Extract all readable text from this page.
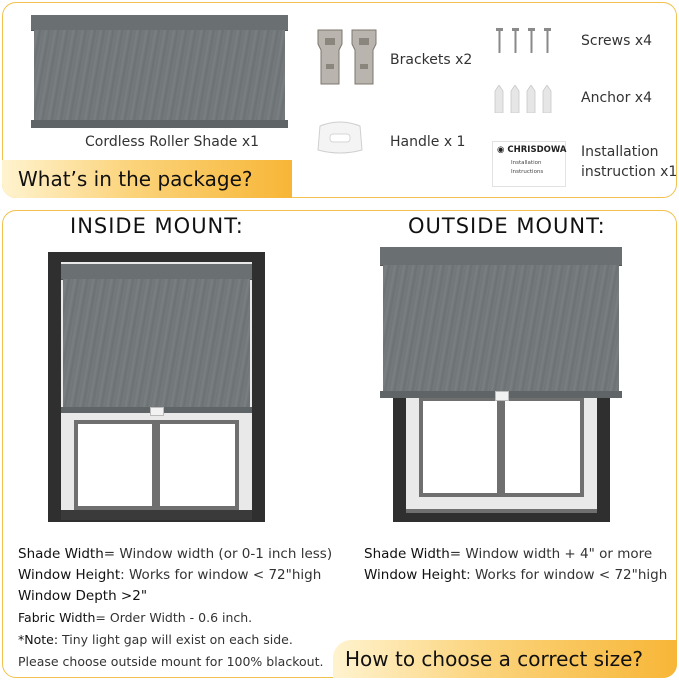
Cordless Roller Shade x1
Brackets x2
Screws x4
Anchor x4
Handle x 1	◉ CHRISDOWA
Installation
Instructions
Installation
instruction x1
What’s in the package?
INSIDE MOUNT:	OUTSIDE MOUNT:
Shade Width= Window width (or 0-1 inch less)
Window Height: Works for window < 72"high
Window Depth >2"
Fabric Width= Order Width - 0.6 inch.
*Note: Tiny light gap will exist on each side.
Please choose outside mount for 100% blackout.
Shade Width= Window width + 4" or more
Window Height: Works for window < 72"high
How to choose a correct size?
